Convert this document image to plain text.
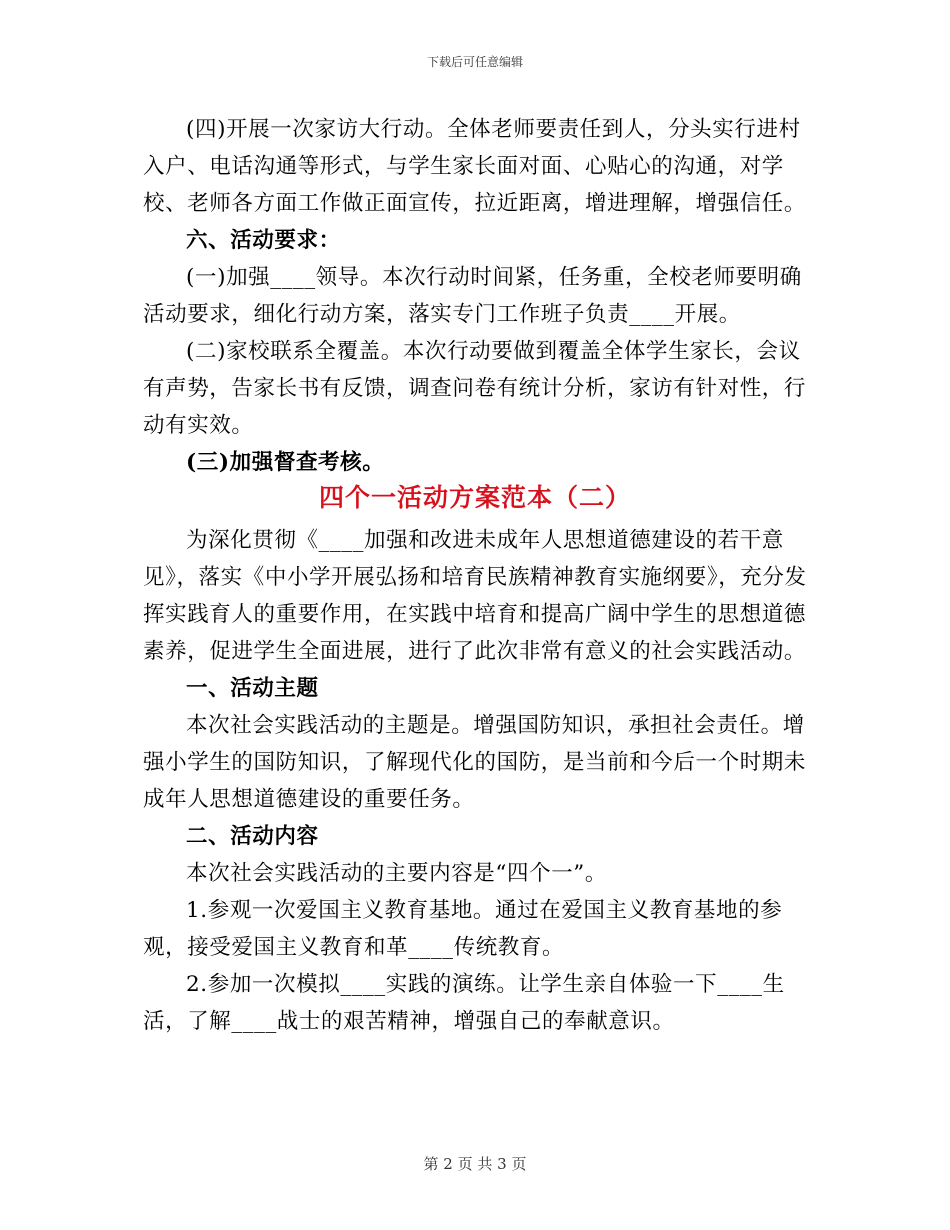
下载后可任意编辑

(四)开展一次家访大行动。全体老师要责任到人，分头实行进村入户、电话沟通等形式，与学生家长面对面、心贴心的沟通，对学校、老师各方面工作做正面宣传，拉近距离，增进理解，增强信任。

六、活动要求：

(一)加强____领导。本次行动时间紧，任务重，全校老师要明确活动要求，细化行动方案，落实专门工作班子负责____开展。

(二)家校联系全覆盖。本次行动要做到覆盖全体学生家长，会议有声势，告家长书有反馈，调查问卷有统计分析，家访有针对性，行动有实效。

(三)加强督查考核。

四个一活动方案范本（二）

为深化贯彻《____加强和改进未成年人思想道德建设的若干意见》，落实《中小学开展弘扬和培育民族精神教育实施纲要》，充分发挥实践育人的重要作用，在实践中培育和提高广阔中学生的思想道德素养，促进学生全面进展，进行了此次非常有意义的社会实践活动。

一、活动主题

本次社会实践活动的主题是。增强国防知识，承担社会责任。增强小学生的国防知识，了解现代化的国防，是当前和今后一个时期未成年人思想道德建设的重要任务。

二、活动内容

本次社会实践活动的主要内容是“四个一”。

1.参观一次爱国主义教育基地。通过在爱国主义教育基地的参观，接受爱国主义教育和革____传统教育。

2.参加一次模拟____实践的演练。让学生亲自体验一下____生活，了解____战士的艰苦精神，增强自己的奉献意识。

第 2 页 共 3 页
